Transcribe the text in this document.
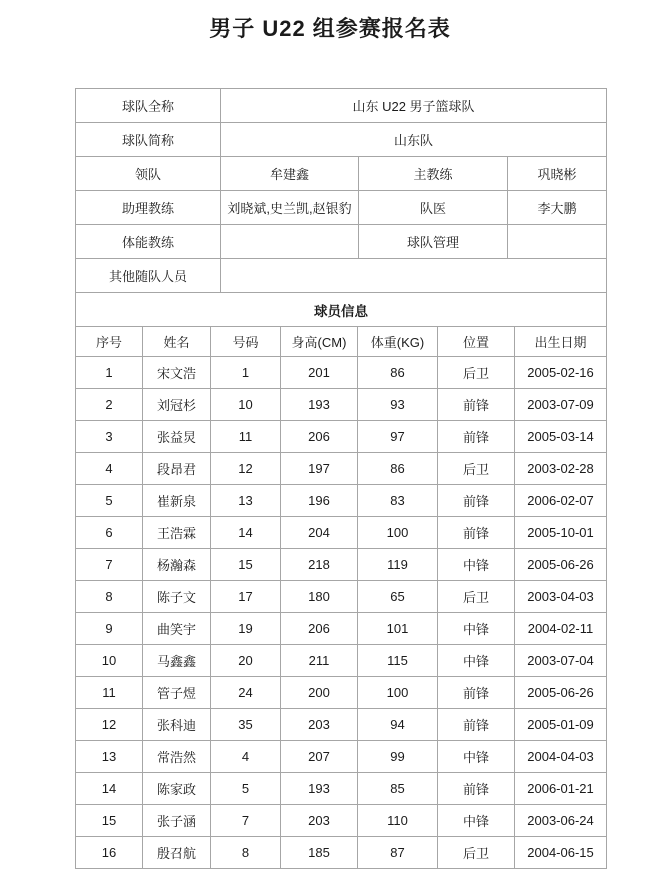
男子 U22 组参赛报名表
球队全称	山东 U22 男子篮球队		
球队简称	山东队		
领队	牟建鑫	主教练	巩晓彬
助理教练	刘晓斌,史兰凯,赵银豹	队医	李大鹏
体能教练		球队管理	
其他随队人员			
球员信息			
序号	姓名	号码	身高(CM)	体重(KG)	位置	出生日期
1	宋文浩	1	201	86	后卫	2005-02-16
2	刘冠杉	10	193	93	前锋	2003-07-09
3	张益炅	11	206	97	前锋	2005-03-14
4	段昂君	12	197	86	后卫	2003-02-28
5	崔新泉	13	196	83	前锋	2006-02-07
6	王浩霖	14	204	100	前锋	2005-10-01
7	杨瀚森	15	218	119	中锋	2005-06-26
8	陈子文	17	180	65	后卫	2003-04-03
9	曲笑宇	19	206	101	中锋	2004-02-11
10	马鑫鑫	20	211	115	中锋	2003-07-04
11	管子煜	24	200	100	前锋	2005-06-26
12	张科迪	35	203	94	前锋	2005-01-09
13	常浩然	4	207	99	中锋	2004-04-03
14	陈家政	5	193	85	前锋	2006-01-21
15	张子涵	7	203	110	中锋	2003-06-24
16	殷召航	8	185	87	后卫	2004-06-15
